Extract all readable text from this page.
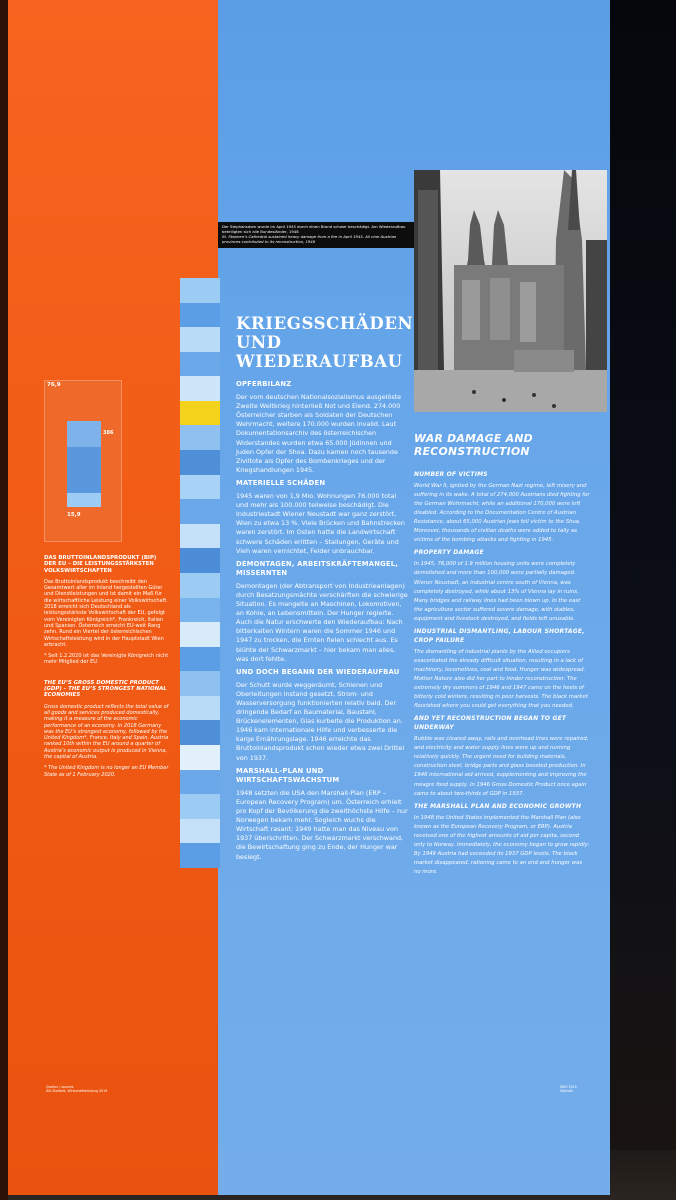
76,9
386
15,9

DAS BRUTTOINLANDSPRODUKT (BIP) DER EU – DIE LEISTUNGSSTÄRKSTEN VOLKSWIRTSCHAFTEN

Das Bruttoinlandsprodukt beschreibt den Gesamtwert aller im Inland hergestellten Güter und Dienstleistungen und ist damit ein Maß für die wirtschaftliche Leistung einer Volkswirtschaft. 2018 erreicht sich Deutschland als leistungsstärkste Volkswirtschaft der EU, gefolgt vom Vereinigten Königreich*, Frankreich, Italien und Spanien. Österreich erreicht EU-weit Rang zehn. Rund ein Viertel der österreichischen Wirtschaftsleistung wird in der Hauptstadt Wien erbracht.

* Seit 1.2.2020 ist das Vereinigte Königreich nicht mehr Mitglied der EU.

THE EU’S GROSS DOMESTIC PRODUCT (GDP) – THE EU’S STRONGEST NATIONAL ECONOMIES

Gross domestic product reflects the total value of all goods and services produced domestically, making it a measure of the economic performance of an economy. In 2018 Germany was the EU’s strongest economy, followed by the United Kingdom*, France, Italy and Spain. Austria ranked 10th within the EU around a quarter of Austria’s economic output is produced in Vienna, the capital of Austria.

* The United Kingdom is no longer an EU Member State as of 1 February 2020.

Quellen / sources
IHS-Statistik, Wirtschaftsleistung 2019
WKO 2019
Statistik
Der Stephansdom wurde im April 1945 durch einen Brand schwer beschädigt. Am Wiederaufbau beteiligten sich alle Bundesländer, 1948
St. Stephen’s Cathedral sustained heavy damage from a fire in April 1945. All nine Austrian provinces contributed to its reconstruction, 1948
KRIEGSSCHÄDEN
UND
WIEDERAUFBAU

OPFERBILANZ

Der vom deutschen Nationalsozialismus ausgelöste Zweite Weltkrieg hinterließ Not und Elend. 274.000 Österreicher starben als Soldaten der Deutschen Wehrmacht, weitere 170.000 wurden invalid. Laut Dokumentationsarchiv des österreichischen Widerstandes wurden etwa 65.000 Jüdinnen und Juden Opfer der Shoa. Dazu kamen noch tausende Ziviltote als Opfer des Bombenkrieges und der Kriegshandlungen 1945.

MATERIELLE SCHÄDEN

1945 waren von 1,9 Mio. Wohnungen 76.000 total und mehr als 100.000 teilweise beschädigt. Die Industriestadt Wiener Neustadt war ganz zerstört, Wien zu etwa 13 %. Viele Brücken und Bahnstrecken waren zerstört. Im Osten hatte die Landwirtschaft schwere Schäden erlitten – Stallungen, Geräte und Vieh waren vernichtet, Felder unbrauchbar.

DEMONTAGEN, ARBEITSKRÄFTEMANGEL, MISSERNTEN

Demontagen (der Abtransport von Industrieanlagen) durch Besatzungsmächte verschärften die schwierige Situation. Es mangelte an Maschinen, Lokomotiven, an Kohle, an Lebensmitteln. Der Hunger regierte. Auch die Natur erschwerte den Wiederaufbau: Nach bitterkalten Wintern waren die Sommer 1946 und 1947 zu trocken, die Ernten fielen schlecht aus. Es blühte der Schwarzmarkt – hier bekam man alles, was dort fehlte.

UND DOCH BEGANN DER WIEDERAUFBAU

Der Schutt wurde weggeräumt, Schienen und Oberleitungen instand gesetzt, Strom- und Wasserversorgung funktionierten relativ bald. Der dringende Bedarf an Baumaterial, Baustahl, Brückenelementen, Glas kurbelte die Produktion an. 1946 kam internationale Hilfe und verbesserte die karge Ernährungslage. 1946 erreichte das Bruttoinlandsprodukt schon wieder etwa zwei Drittel von 1937.

MARSHALL-PLAN UND WIRTSCHAFTSWACHSTUM

1948 setzten die USA den Marshall-Plan (ERP – European Recovery Program) um. Österreich erhielt pro Kopf der Bevölkerung die zweithöchste Hilfe – nur Norwegen bekam mehr. Sogleich wuchs die Wirtschaft rasant: 1949 hatte man das Niveau von 1937 überschritten. Der Schwarzmarkt verschwand, die Bewirtschaftung ging zu Ende, der Hunger war besiegt.

WAR DAMAGE AND
RECONSTRUCTION

NUMBER OF VICTIMS

World War II, ignited by the German Nazi regime, left misery and suffering in its wake. A total of 274,000 Austrians died fighting for the German Wehrmacht, while an additional 170,000 were left disabled. According to the Documentation Centre of Austrian Resistance, about 65,000 Austrian Jews fell victim to the Shoa. Moreover, thousands of civilian deaths were added to tally as victims of the bombing attacks and fighting in 1945.

PROPERTY DAMAGE

In 1945, 76,000 of 1.9 million housing units were completely demolished and more than 100,000 were partially damaged. Wiener Neustadt, an industrial centre south of Vienna, was completely destroyed, while about 13% of Vienna lay in ruins. Many bridges and railway lines had been blown up. In the east the agriculture sector suffered severe damage, with stables, equipment and livestock destroyed, and fields left unusable.

INDUSTRIAL DISMANTLING, LABOUR SHORTAGE, CROP FAILURE

The dismantling of industrial plants by the Allied occupiers exacerbated the already difficult situation, resulting in a lack of machinery, locomotives, coal and food. Hunger was widespread. Mother Nature also did her part to hinder reconstruction: The extremely dry summers of 1946 and 1947 came on the heels of bitterly cold winters, resulting in poor harvests. The black market flourished where you could get everything that you needed.

AND YET RECONSTRUCTION BEGAN TO GET UNDERWAY

Rubble was cleared away, rails and overhead lines were repaired, and electricity and water supply lines were up and running relatively quickly. The urgent need for building materials, construction steel, bridge parts and glass boosted production. In 1946 international aid arrived, supplementing and improving the meagre food supply. In 1946 Gross Domestic Product once again came to about two-thirds of GDP in 1937.

THE MARSHALL PLAN AND ECONOMIC GROWTH

In 1948 the United States implemented the Marshall Plan (also known as the European Recovery Program, or ERP). Austria received one of the highest amounts of aid per capita, second only to Norway. Immediately, the economy began to grow rapidly: By 1949 Austria had exceeded its 1937 GDP levels. The black market disappeared, rationing came to an end and hunger was no more.
